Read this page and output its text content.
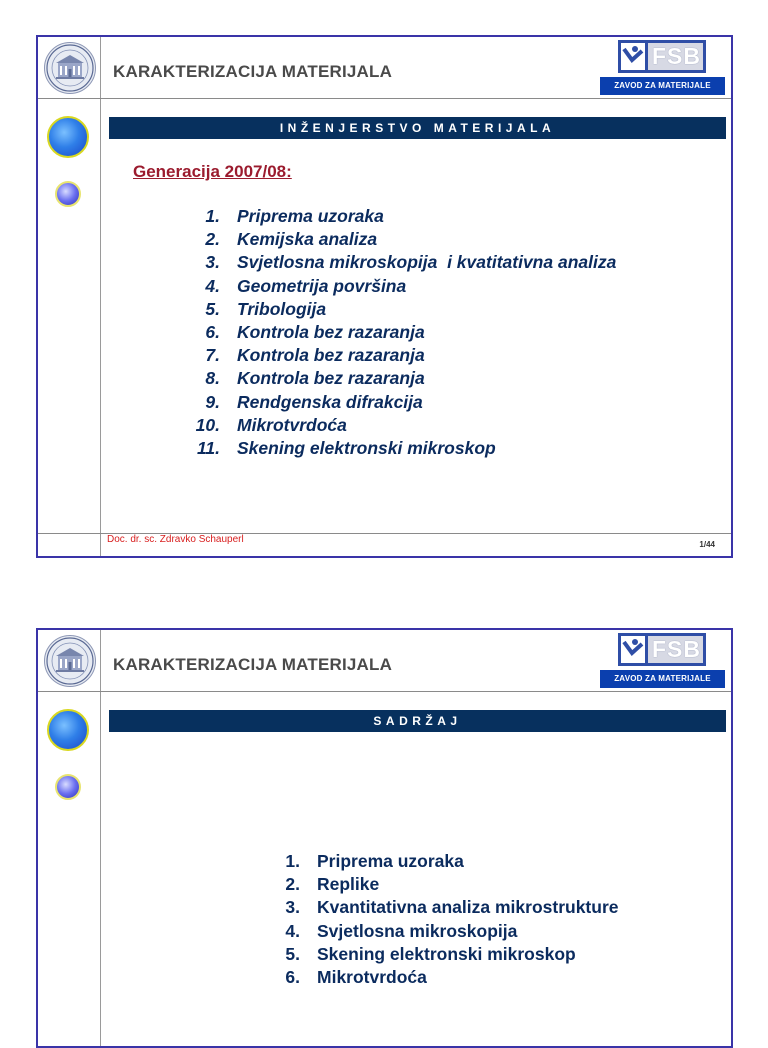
KARAKTERIZACIJA MATERIJALA
FSB
ZAVOD ZA MATERIJALE
INŽENJERSTVO MATERIJALA
Generacija 2007/08:
1. Priprema uzoraka
2. Kemijska analiza
3. Svjetlosna mikroskopija  i kvatitativna analiza
4. Geometrija površina
5. Tribologija
6. Kontrola bez razaranja
7. Kontrola bez razaranja
8. Kontrola bez razaranja
9. Rendgenska difrakcija
10. Mikrotvrdoća
11. Skening elektronski mikroskop
Doc. dr. sc. Zdravko Schauperl	1/44
KARAKTERIZACIJA MATERIJALA
FSB
ZAVOD ZA MATERIJALE
SADRŽAJ
1. Priprema uzoraka
2. Replike
3. Kvantitativna analiza mikrostrukture
4. Svjetlosna mikroskopija
5. Skening elektronski mikroskop
6. Mikrotvrdoća
